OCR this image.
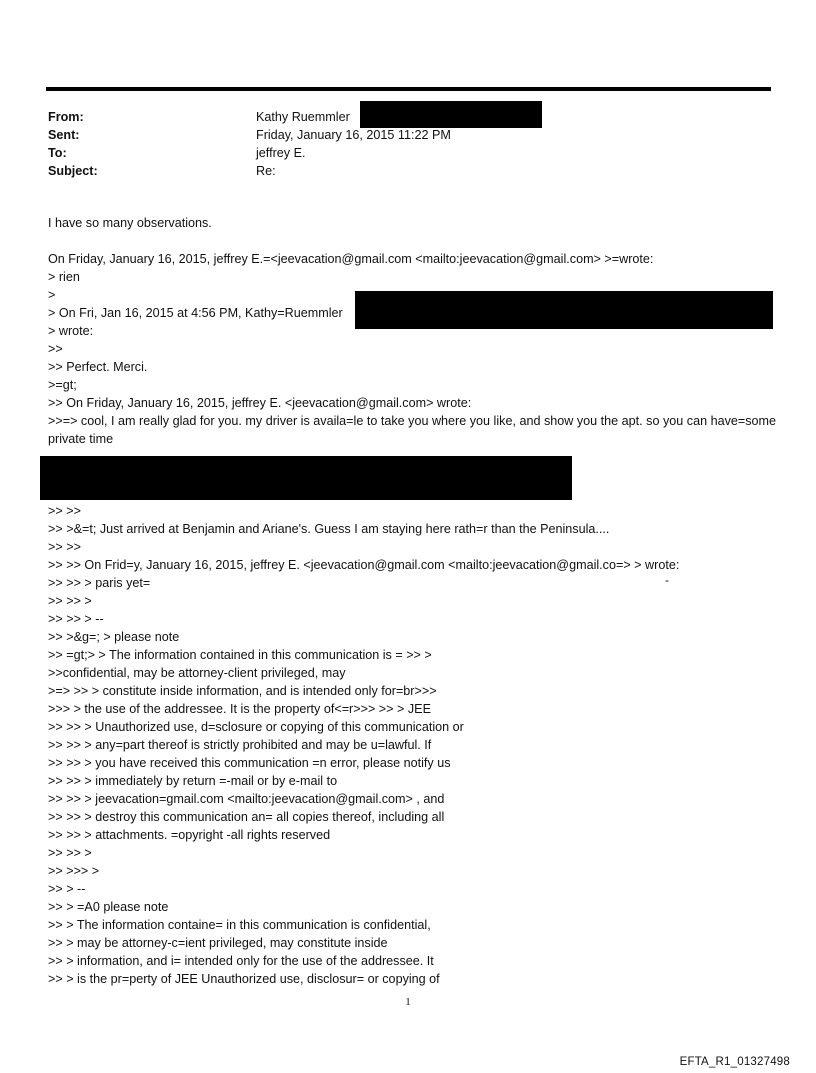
From:	Kathy Ruemmler
Sent:	Friday, January 16, 2015 11:22 PM
To:	jeffrey E.
Subject:	Re:
I have so many observations.

On Friday, January 16, 2015, jeffrey E.=<jeevacation@gmail.com <mailto:jeevacation@gmail.com> >=wrote:
> rien
>
> On Fri, Jan 16, 2015 at 4:56 PM, Kathy=Ruemmler
> wrote:
>>
>> Perfect. Merci.
>=gt;
>> On Friday, January 16, 2015, jeffrey E. <jeevacation@gmail.com> wrote:
>>=> cool, I am really glad for you. my driver is availa=le to take you where you like, and show you the apt. so you can have=some private time

>> >>
>> >&=t; Just arrived at Benjamin and Ariane's. Guess I am staying here rath=r than the Peninsula....
>> >>
>> >> On Frid=y, January 16, 2015, jeffrey E. <jeevacation@gmail.com <mailto:jeevacation@gmail.co=> > wrote:
>> >> > paris yet=
>> >> >
>> >> > --
>> >&g=; > please note
>> =gt;> > The information contained in this communication is = >> >
>>confidential, may be attorney-client privileged, may
>=> >> > constitute inside information, and is intended only for=br>>>
>>> > the use of the addressee. It is the property of<=r>>> >> > JEE
>> >> > Unauthorized use, d=sclosure or copying of this communication or
>> >> > any=part thereof is strictly prohibited and may be u=lawful. If
>> >> > you have received this communication =n error, please notify us
>> >> > immediately by return =-mail or by e-mail to
>> >> > jeevacation=gmail.com <mailto:jeevacation@gmail.com> , and
>> >> > destroy this communication an= all copies thereof, including all
>> >> > attachments. =opyright -all rights reserved
>> >> >
>> >>> >
>> > --
>> > =A0 please note
>> > The information containe= in this communication is confidential,
>> > may be attorney-c=ient privileged, may constitute inside
>> > information, and i= intended only for the use of the addressee. It
>> > is the pr=perty of JEE Unauthorized use, disclosur= or copying of
-
1
EFTA_R1_01327498
